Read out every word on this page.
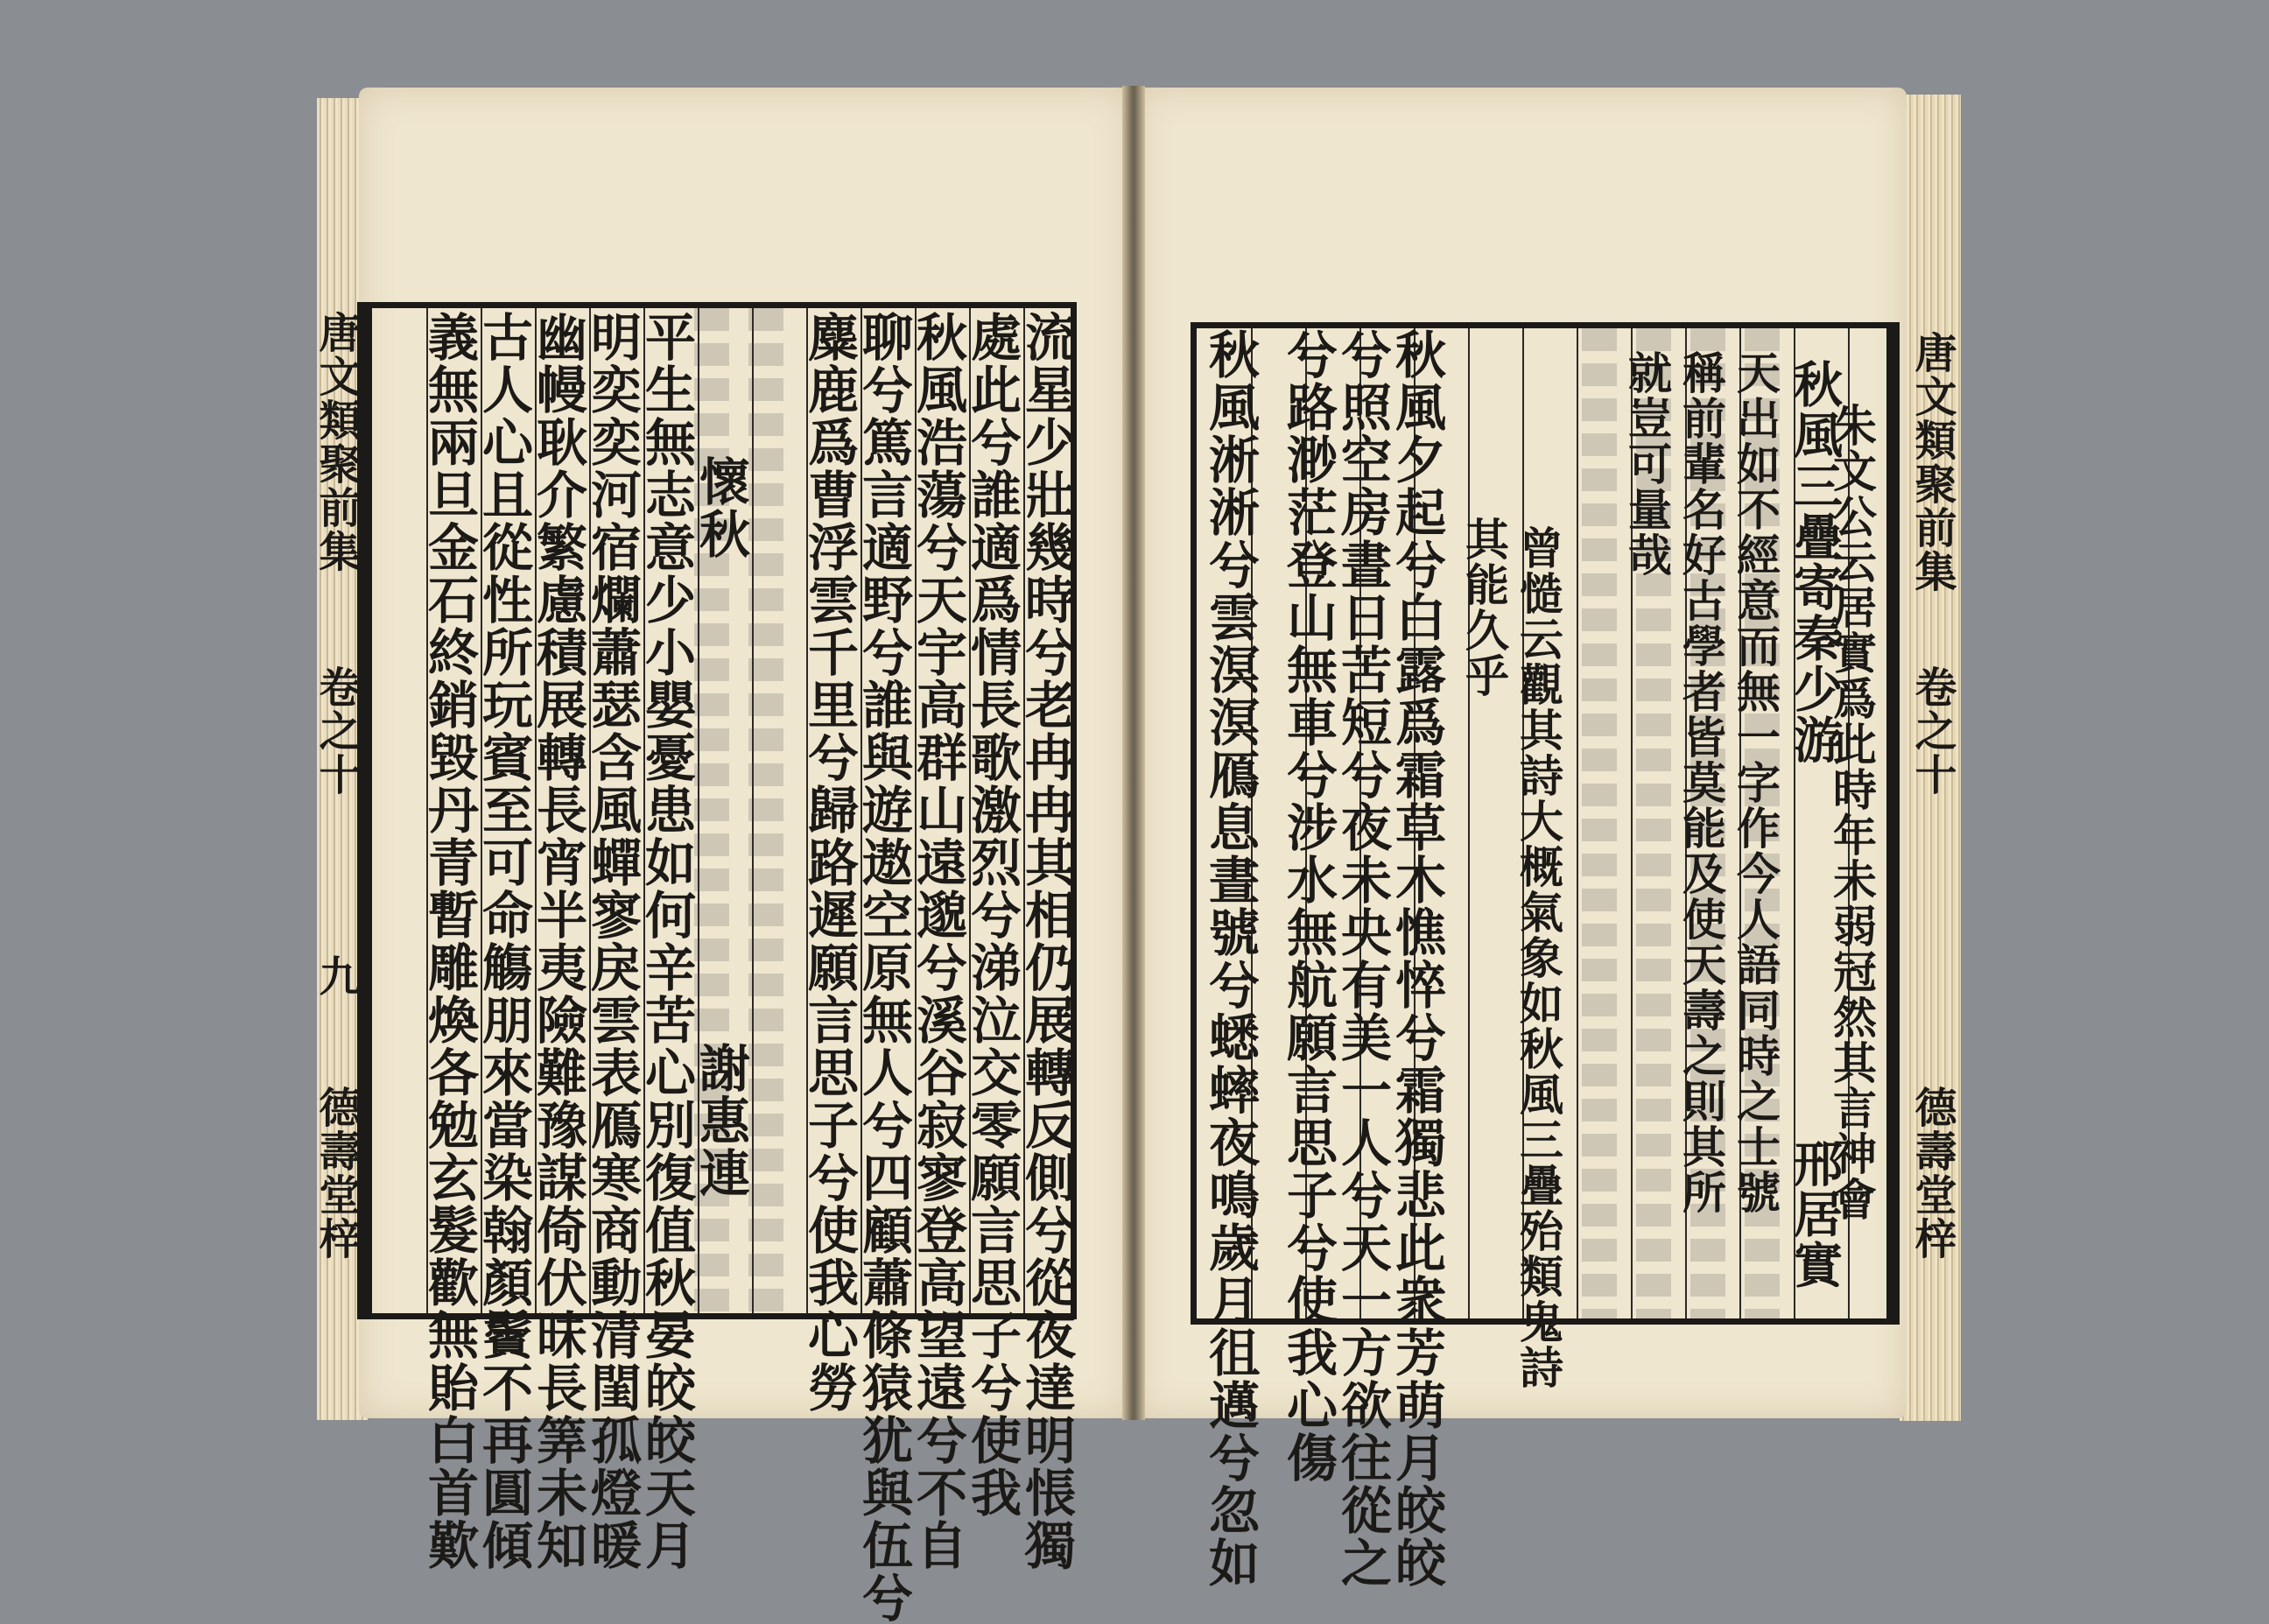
唐文類聚前集
卷之十
九
德壽堂梓	流星少壯幾時兮老冉冉其相仍展轉反側兮從夜達明悵獨
處此兮誰適爲情長歌激烈兮涕泣交零願言思子兮使我
秋風浩蕩兮天宇高群山遠邈兮溪谷寂寥登高望遠兮不自
聊兮篤言適野兮誰與遊遨空原無人兮四顧蕭條猿犹與伍兮
麋鹿爲曹浮雲千里兮歸路遲願言思子兮使我心勞
懷秋
謝惠連
平生無志意少小嬰憂患如何辛苦心別復值秋晏皎皎天月
明奕奕河宿爛蕭瑟含風蟬寥戾雲表鴈寒商動清閨孤燈暖
幽幔耿介繁慮積展轉長宵半夷險難豫謀倚伏昧長筭未知
古人心且從性所玩賓至可命觴朋來當染翰顏鬢不再圓傾
義無兩旦金石終銷毀丹青暫雕煥各勉玄髮歡無貽白首歎	秋風三疊寄秦少游
邢居實
朱文公云居實爲此時年未弱冠然其言神會
天出如不經意而無一字作今人語同時之士號
稱前輩名好古學者皆莫能及使天壽之則其所
就豈可量哉
曾慥云觀其詩大概氣象如秋風三疊殆類鬼詩
其能久乎
秋風夕起兮白露爲霜草木憔悴兮霜獨悲此衆芳萌月皎皎
兮照空房晝日苦短兮夜未央有美一人兮天一方欲往從之
兮路渺茫登山無車兮涉水無航願言思子兮使我心傷
秋風淅淅兮雲溟溟鴈息晝號兮蟋蟀夜鳴歲月徂邁兮忽如	唐文類聚前集
卷之十
德壽堂梓
